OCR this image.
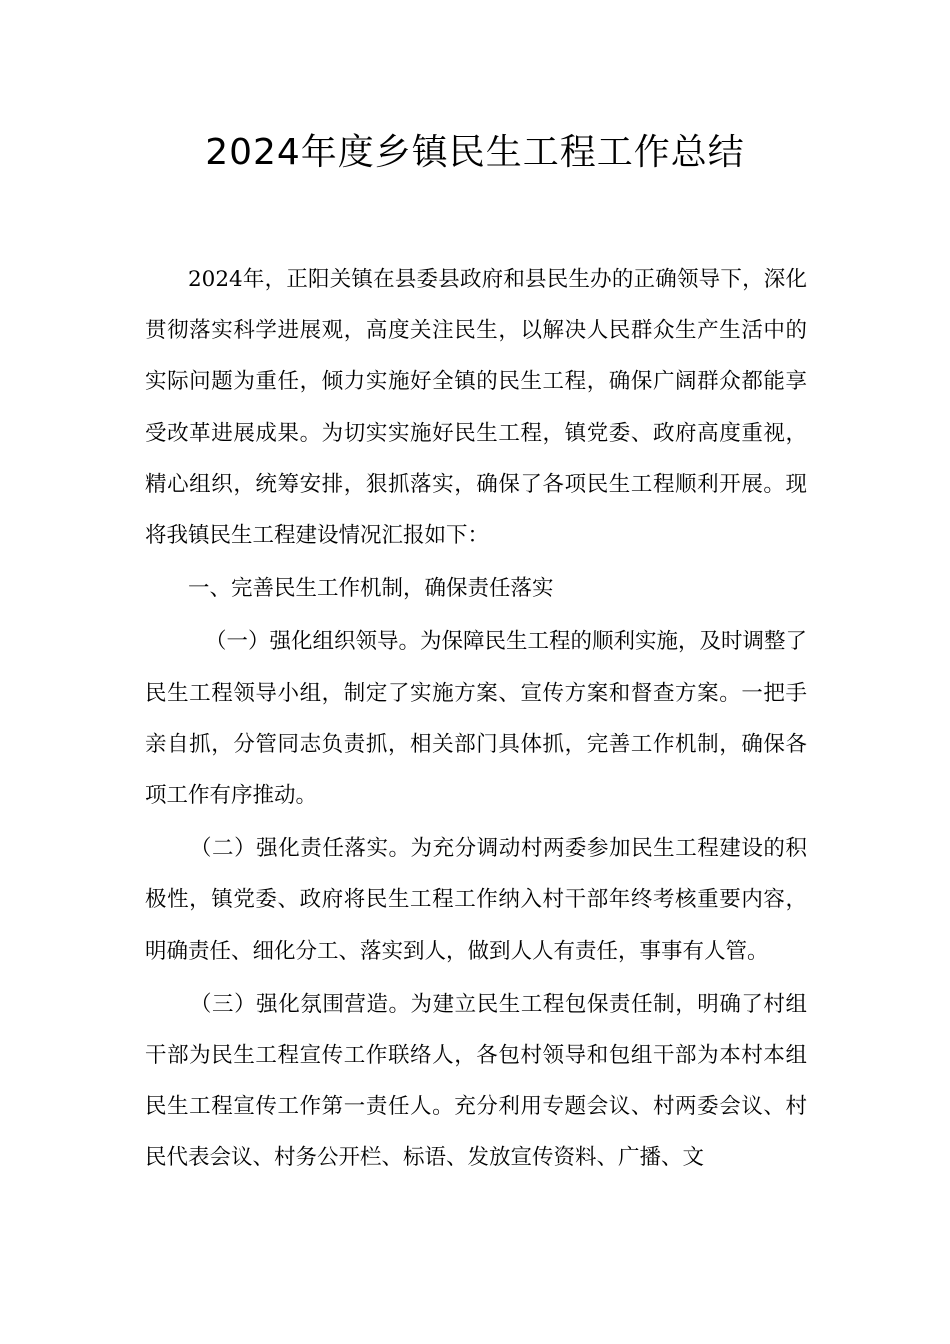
2024年度乡镇民生工程工作总结

2024年，正阳关镇在县委县政府和县民生办的正确领导下，深化贯彻落实科学进展观，高度关注民生，以解决人民群众生产生活中的实际问题为重任，倾力实施好全镇的民生工程，确保广阔群众都能享受改革进展成果。为切实实施好民生工程，镇党委、政府高度重视，精心组织，统筹安排，狠抓落实，确保了各项民生工程顺利开展。现将我镇民生工程建设情况汇报如下：

一、完善民生工作机制，确保责任落实

（一）强化组织领导。为保障民生工程的顺利实施，及时调整了民生工程领导小组，制定了实施方案、宣传方案和督查方案。一把手亲自抓，分管同志负责抓，相关部门具体抓，完善工作机制，确保各项工作有序推动。

（二）强化责任落实。为充分调动村两委参加民生工程建设的积极性，镇党委、政府将民生工程工作纳入村干部年终考核重要内容，明确责任、细化分工、落实到人，做到人人有责任，事事有人管。

（三）强化氛围营造。为建立民生工程包保责任制，明确了村组干部为民生工程宣传工作联络人，各包村领导和包组干部为本村本组民生工程宣传工作第一责任人。充分利用专题会议、村两委会议、村民代表会议、村务公开栏、标语、发放宣传资料、广播、文
